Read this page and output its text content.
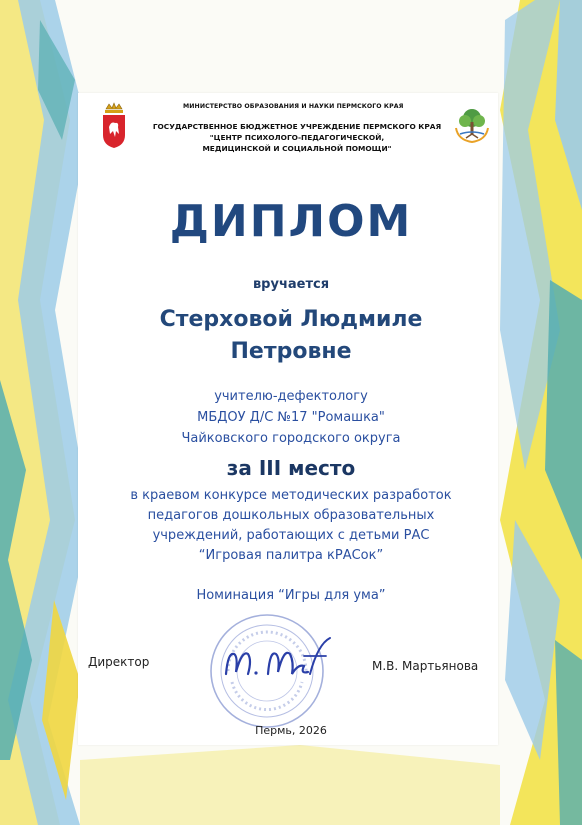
МИНИСТЕРСТВО ОБРАЗОВАНИЯ И НАУКИ ПЕРМСКОГО КРАЯ
ГОСУДАРСТВЕННОЕ БЮДЖЕТНОЕ УЧРЕЖДЕНИЕ ПЕРМСКОГО КРАЯ
"ЦЕНТР ПСИХОЛОГО-ПЕДАГОГИЧЕСКОЙ,
МЕДИЦИНСКОЙ И СОЦИАЛЬНОЙ ПОМОЩИ"
ДИПЛОМ
вручается
Стерховой Людмиле
Петровне
учителю-дефектологу
МБДОУ Д/С №17 "Ромашка"
Чайковского городского округа
за III место
в краевом конкурсе методических разработок
педагогов дошкольных образовательных
учреждений, работающих с детьми РАС
“Игровая палитра кРАСок”
Номинация “Игры для ума”
Директор	М.В. Мартьянова
Пермь, 2026
